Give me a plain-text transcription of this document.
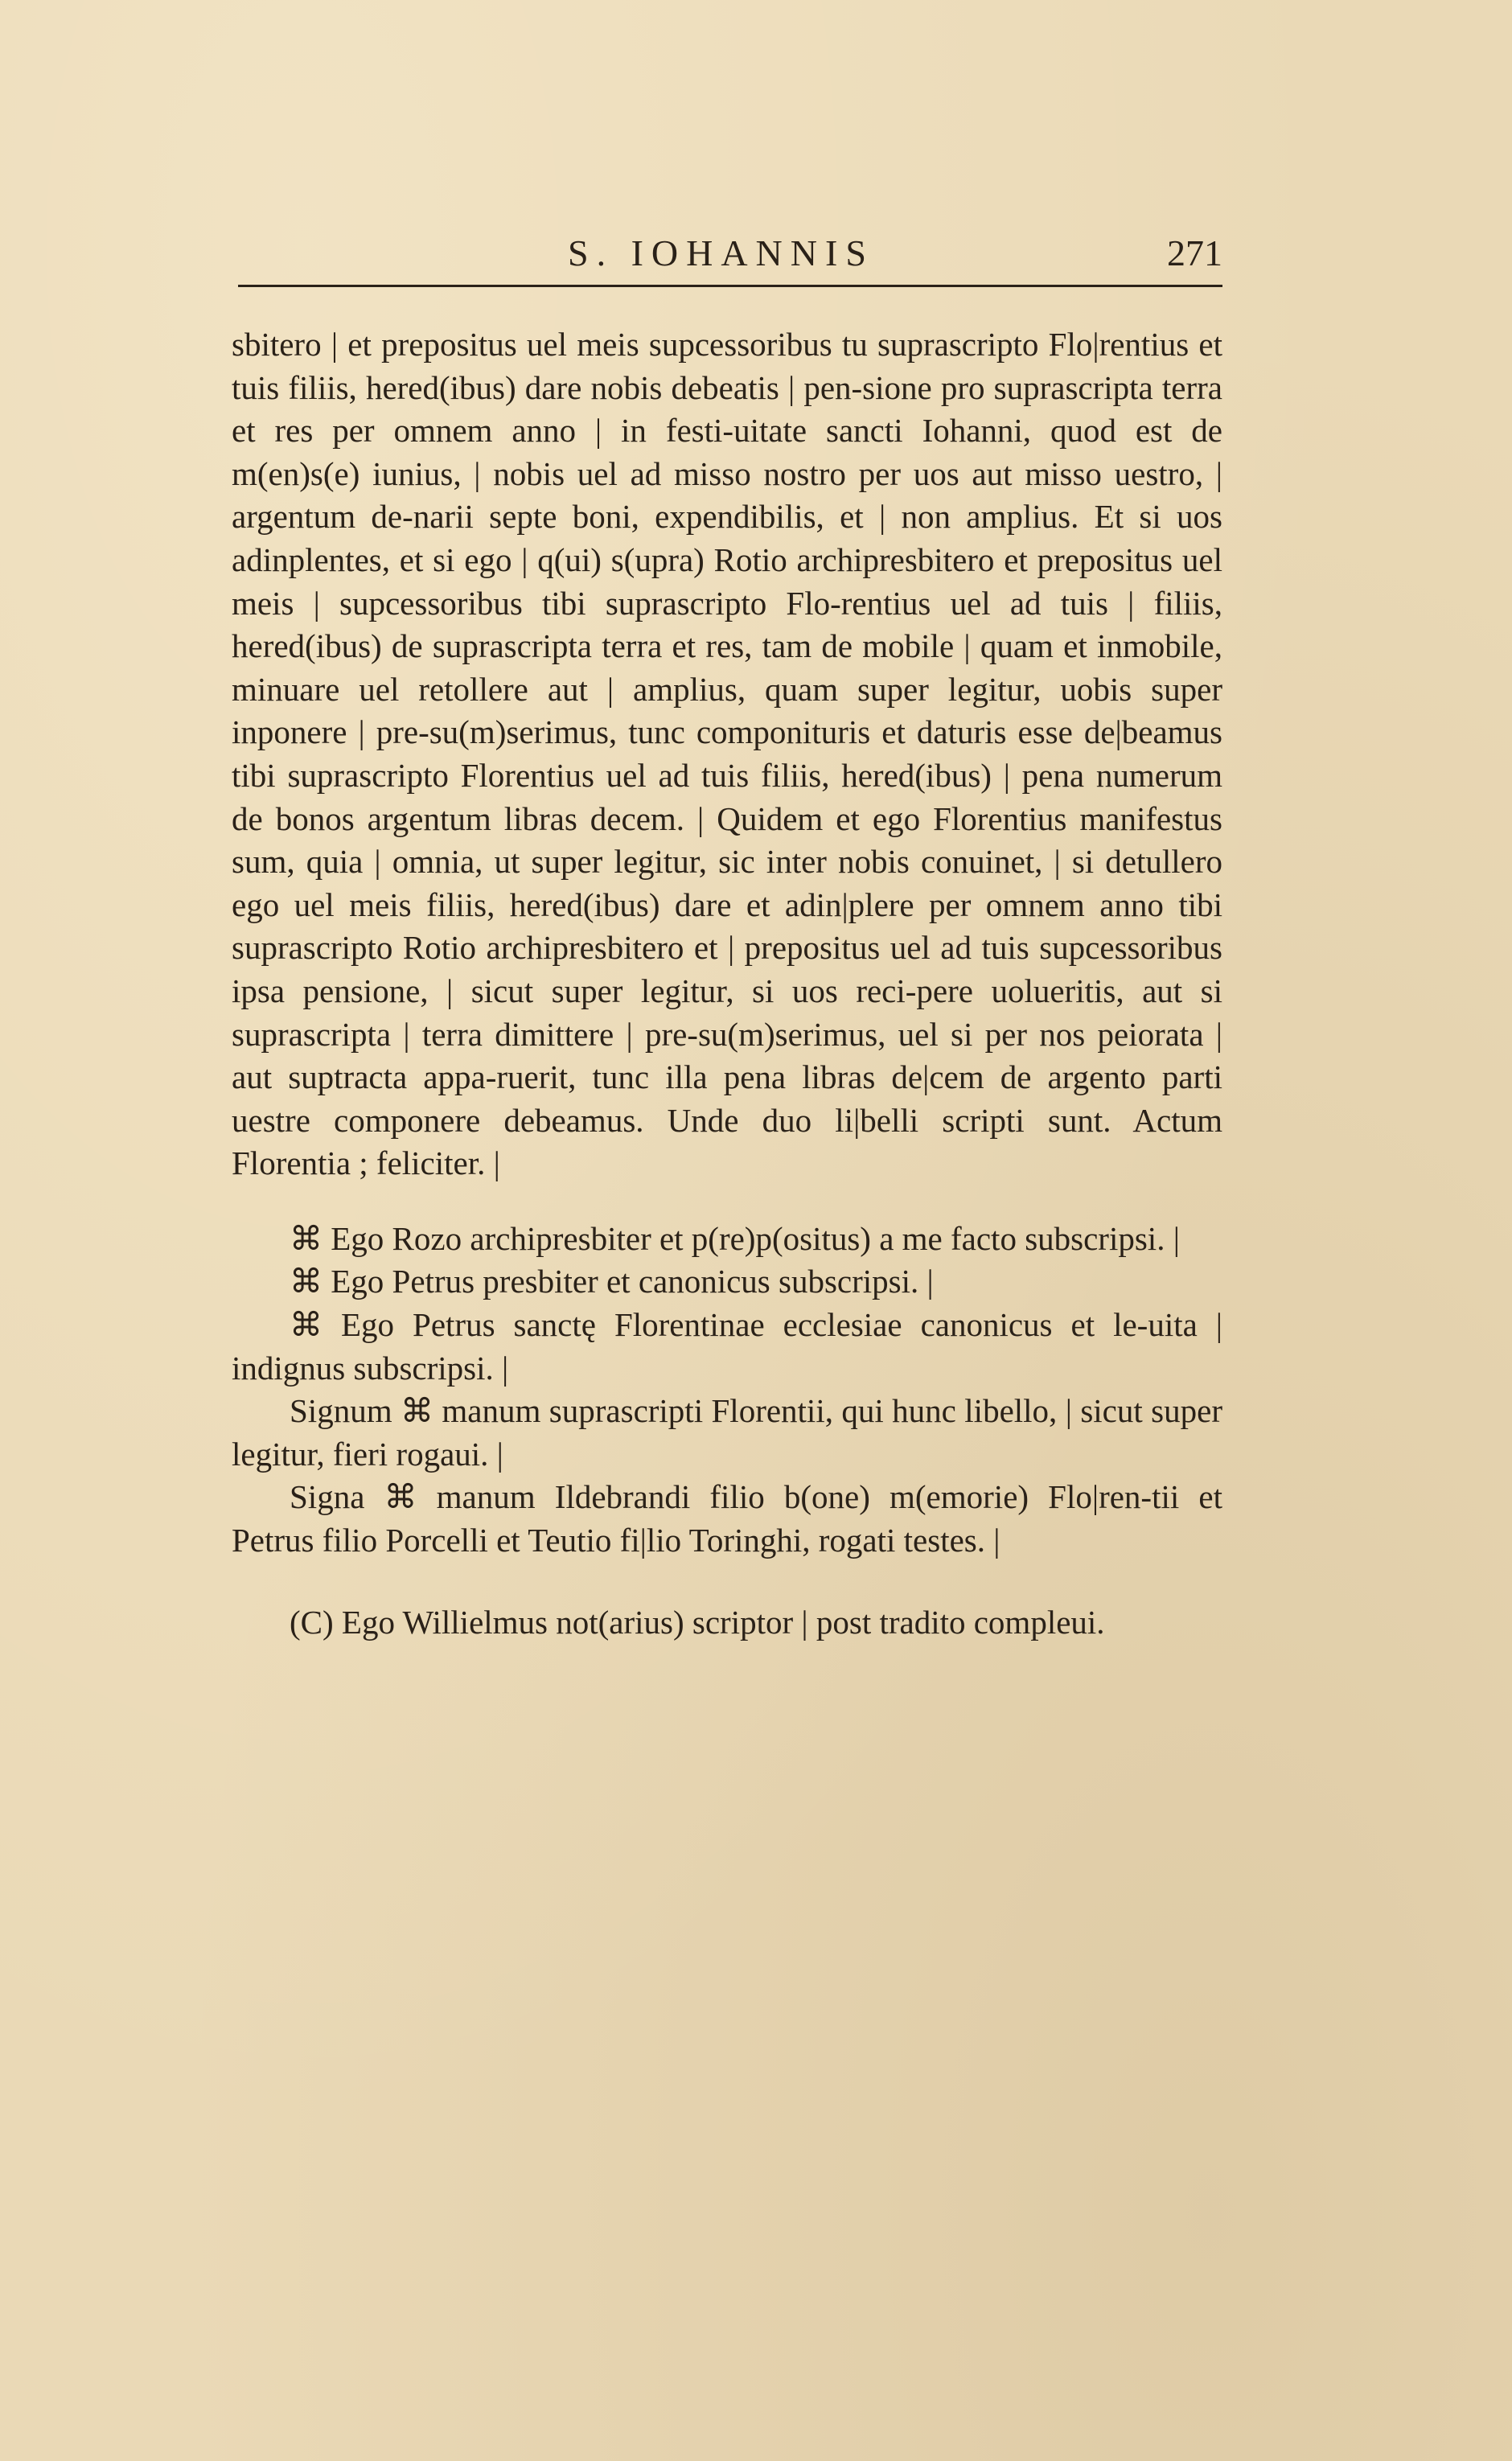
S. IOHANNIS	271

sbitero | et prepositus uel meis supcessoribus tu suprascripto Flo|rentius et tuis filiis, hered(ibus) dare nobis debeatis | pen-sione pro suprascripta terra et res per omnem anno | in festi-uitate sancti Iohanni, quod est de m(en)s(e) iunius, | nobis uel ad misso nostro per uos aut misso uestro, | argentum de-narii septe boni, expendibilis, et | non amplius. Et si uos adinplentes, et si ego | q(ui) s(upra) Rotio archipresbitero et prepositus uel meis | supcessoribus tibi suprascripto Flo-rentius uel ad tuis | filiis, hered(ibus) de suprascripta terra et res, tam de mobile | quam et inmobile, minuare uel retollere aut | amplius, quam super legitur, uobis super inponere | pre-su(m)serimus, tunc componituris et daturis esse de|beamus tibi suprascripto Florentius uel ad tuis filiis, hered(ibus) | pena numerum de bonos argentum libras decem. | Quidem et ego Florentius manifestus sum, quia | omnia, ut super legitur, sic inter nobis conuinet, | si detullero ego uel meis filiis, hered(ibus) dare et adin|plere per omnem anno tibi suprascripto Rotio archipresbitero et | prepositus uel ad tuis supcessoribus ipsa pensione, | sicut super legitur, si uos reci-pere uolueritis, aut si suprascripta | terra dimittere | pre-su(m)serimus, uel si per nos peiorata | aut suptracta appa-ruerit, tunc illa pena libras de|cem de argento parti uestre componere debeamus. Unde duo li|belli scripti sunt. Actum Florentia ; feliciter. |

⌘ Ego Rozo archipresbiter et p(re)p(ositus) a me facto subscripsi. |

⌘ Ego Petrus presbiter et canonicus subscripsi. |

⌘ Ego Petrus sanctę Florentinae ecclesiae canonicus et le-uita | indignus subscripsi. |

Signum ⌘ manum suprascripti Florentii, qui hunc libello, | sicut super legitur, fieri rogaui. |

Signa ⌘ manum Ildebrandi filio b(one) m(emorie) Flo|ren-tii et Petrus filio Porcelli et Teutio fi|lio Toringhi, rogati testes. |

(C) Ego Willielmus not(arius) scriptor | post tradito compleui.
